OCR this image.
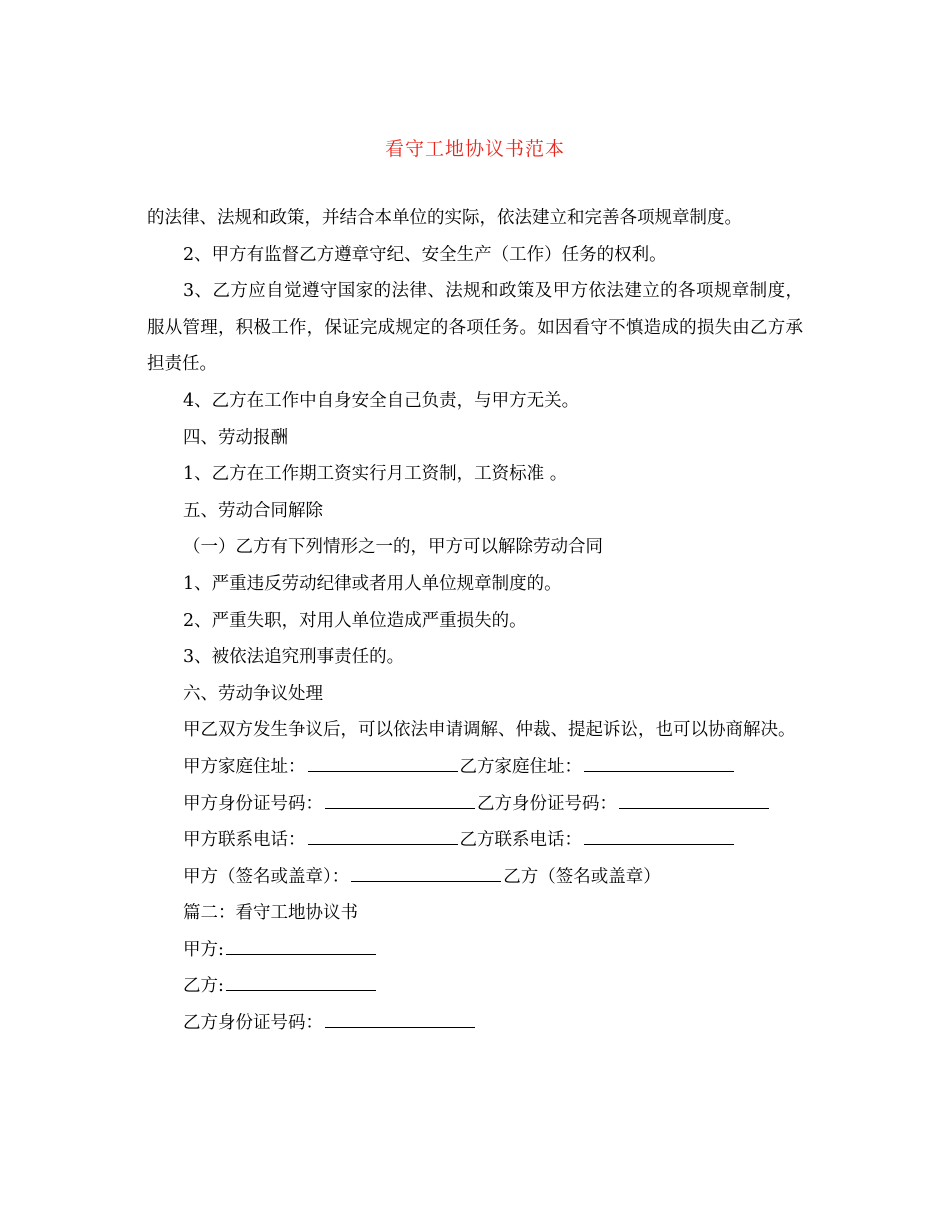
看守工地协议书范本

的法律、法规和政策，并结合本单位的实际，依法建立和完善各项规章制度。

2、甲方有监督乙方遵章守纪、安全生产（工作）任务的权利。

3、乙方应自觉遵守国家的法律、法规和政策及甲方依法建立的各项规章制度，服从管理，积极工作，保证完成规定的各项任务。如因看守不慎造成的损失由乙方承担责任。

4、乙方在工作中自身安全自己负责，与甲方无关。

四、劳动报酬

1、乙方在工作期工资实行月工资制，工资标准 。

五、劳动合同解除

（一）乙方有下列情形之一的，甲方可以解除劳动合同

1、严重违反劳动纪律或者用人单位规章制度的。

2、严重失职，对用人单位造成严重损失的。

3、被依法追究刑事责任的。

六、劳动争议处理

甲乙双方发生争议后，可以依法申请调解、仲裁、提起诉讼，也可以协商解决。

甲方家庭住址：	乙方家庭住址：

甲方身份证号码：	乙方身份证号码：

甲方联系电话：	乙方联系电话：

甲方（签名或盖章）：	乙方（签名或盖章）

篇二：看守工地协议书

甲方:

乙方:

乙方身份证号码：
